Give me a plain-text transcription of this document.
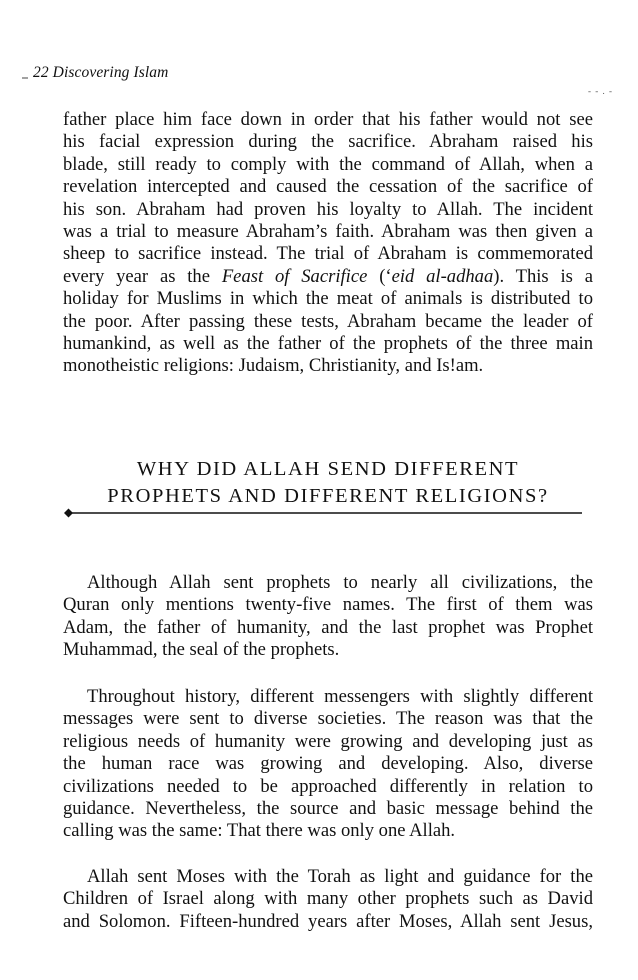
22 Discovering Islam
‐ ‐ . ‐
father place him face down in order that his father would not see
his facial expression during the sacrifice. Abraham raised his
blade, still ready to comply with the command of Allah, when a
revelation intercepted and caused the cessation of the sacrifice of
his son. Abraham had proven his loyalty to Allah. The incident
was a trial to measure Abraham’s faith. Abraham was then given a
sheep to sacrifice instead. The trial of Abraham is commemorated
every year as the Feast of Sacrifice (‘eid al-adhaa). This is a
holiday for Muslims in which the meat of animals is distributed to
the poor. After passing these tests, Abraham became the leader of
humankind, as well as the father of the prophets of the three main
monotheistic religions: Judaism, Christianity, and Is!am.
WHY DID ALLAH SEND DIFFERENT
PROPHETS AND DIFFERENT RELIGIONS?
Although Allah sent prophets to nearly all civilizations, the
Quran only mentions twenty-five names. The first of them was
Adam, the father of humanity, and the last prophet was Prophet
Muhammad, the seal of the prophets.
Throughout history, different messengers with slightly different
messages were sent to diverse societies. The reason was that the
religious needs of humanity were growing and developing just as
the human race was growing and developing. Also, diverse
civilizations needed to be approached differently in relation to
guidance. Nevertheless, the source and basic message behind the
calling was the same: That there was only one Allah.
Allah sent Moses with the Torah as light and guidance for the
Children of Israel along with many other prophets such as David
and Solomon. Fifteen-hundred years after Moses, Allah sent Jesus,
